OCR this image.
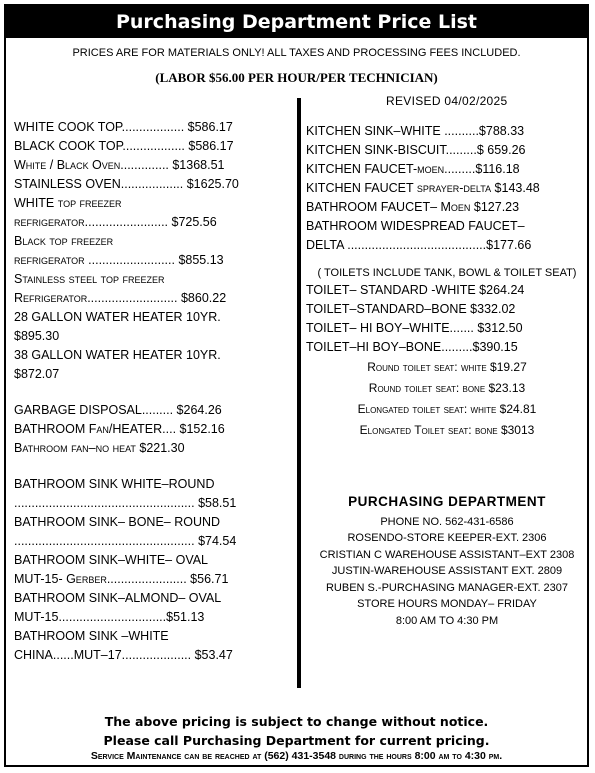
Purchasing Department Price List
PRICES ARE FOR MATERIALS ONLY! ALL TAXES AND PROCESSING FEES INCLUDED.
(LABOR $56.00 PER HOUR/PER TECHNICIAN)
REVISED 04/02/2025
WHITE COOK TOP.................. $586.17
BLACK COOK TOP.................. $586.17
White / Black Oven.............. $1368.51
STAINLESS OVEN.................. $1625.70
WHITE top freezer
refrigerator........................ $725.56
Black top freezer
refrigerator ......................... $855.13
Stainless steel top freezer
Refrigerator.......................... $860.22
28 GALLON WATER HEATER 10YR.
$895.30
38 GALLON WATER HEATER 10YR.
$872.07
GARBAGE DISPOSAL......... $264.26
BATHROOM Fan/HEATER.... $152.16
Bathroom fan–no heat $221.30
BATHROOM SINK WHITE–ROUND
.................................................... $58.51
BATHROOM SINK– BONE– ROUND
.................................................... $74.54
BATHROOM SINK–WHITE– OVAL
MUT-15- Gerber....................... $56.71
BATHROOM SINK–ALMOND– OVAL
MUT-15...............................$51.13
BATHROOM SINK –WHITE
CHINA......MUT–17.................... $53.47
KITCHEN SINK–WHITE ..........$788.33
KITCHEN SINK-BISCUIT.........$ 659.26
KITCHEN FAUCET-moen.........$116.18
KITCHEN FAUCET sprayer-delta $143.48
BATHROOM FAUCET– Moen $127.23
BATHROOM WIDESPREAD FAUCET–
DELTA ........................................$177.66
( TOILETS INCLUDE TANK, BOWL & TOILET SEAT)
TOILET– STANDARD -WHITE $264.24
TOILET–STANDARD–BONE $332.02
TOILET– HI BOY–WHITE....... $312.50
TOILET–HI BOY–BONE.........$390.15
Round toilet seat: white $19.27
Round toilet seat: bone $23.13
Elongated toilet seat: white $24.81
Elongated Toilet seat: bone $3013
PURCHASING DEPARTMENT
PHONE NO. 562-431-6586
ROSENDO-STORE KEEPER-EXT. 2306
CRISTIAN C WAREHOUSE ASSISTANT–EXT 2308
JUSTIN-WAREHOUSE ASSISTANT EXT. 2809
RUBEN S.-PURCHASING MANAGER-EXT. 2307
STORE HOURS MONDAY– FRIDAY
8:00 AM TO 4:30 PM
The above pricing is subject to change without notice.
Please call Purchasing Department for current pricing.
Service Maintenance can be reached at (562) 431-3548 during the hours 8:00 am to 4:30 pm.
